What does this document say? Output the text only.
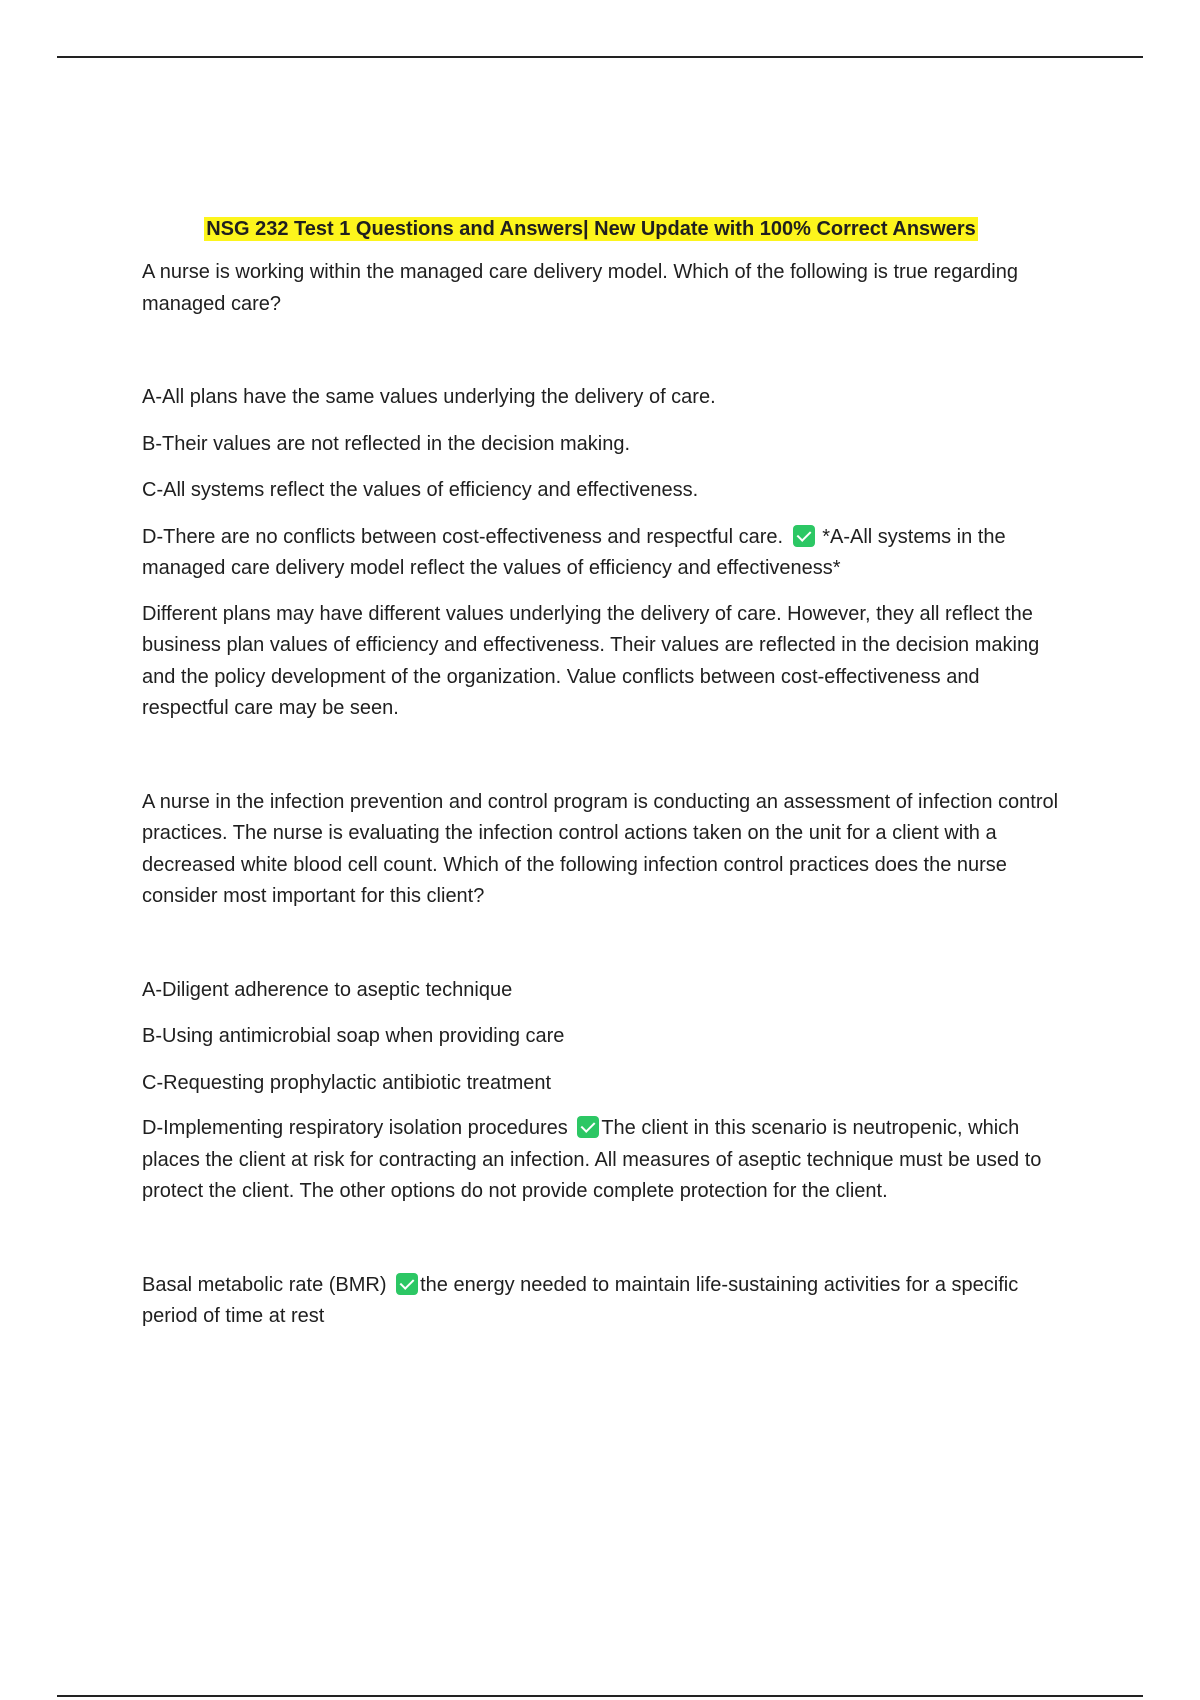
NSG 232 Test 1 Questions and Answers| New Update with 100% Correct Answers

A nurse is working within the managed care delivery model. Which of the following is true regarding managed care?

A-All plans have the same values underlying the delivery of care.

B-Their values are not reflected in the decision making.

C-All systems reflect the values of efficiency and effectiveness.

D-There are no conflicts between cost-effectiveness and respectful care. *A-All systems in the managed care delivery model reflect the values of efficiency and effectiveness*

Different plans may have different values underlying the delivery of care. However, they all reflect the business plan values of efficiency and effectiveness. Their values are reflected in the decision making and the policy development of the organization. Value conflicts between cost-effectiveness and respectful care may be seen.

A nurse in the infection prevention and control program is conducting an assessment of infection control practices. The nurse is evaluating the infection control actions taken on the unit for a client with a decreased white blood cell count. Which of the following infection control practices does the nurse consider most important for this client?

A-Diligent adherence to aseptic technique

B-Using antimicrobial soap when providing care

C-Requesting prophylactic antibiotic treatment

D-Implementing respiratory isolation procedures The client in this scenario is neutropenic, which places the client at risk for contracting an infection. All measures of aseptic technique must be used to protect the client. The other options do not provide complete protection for the client.

Basal metabolic rate (BMR) the energy needed to maintain life-sustaining activities for a specific period of time at rest
